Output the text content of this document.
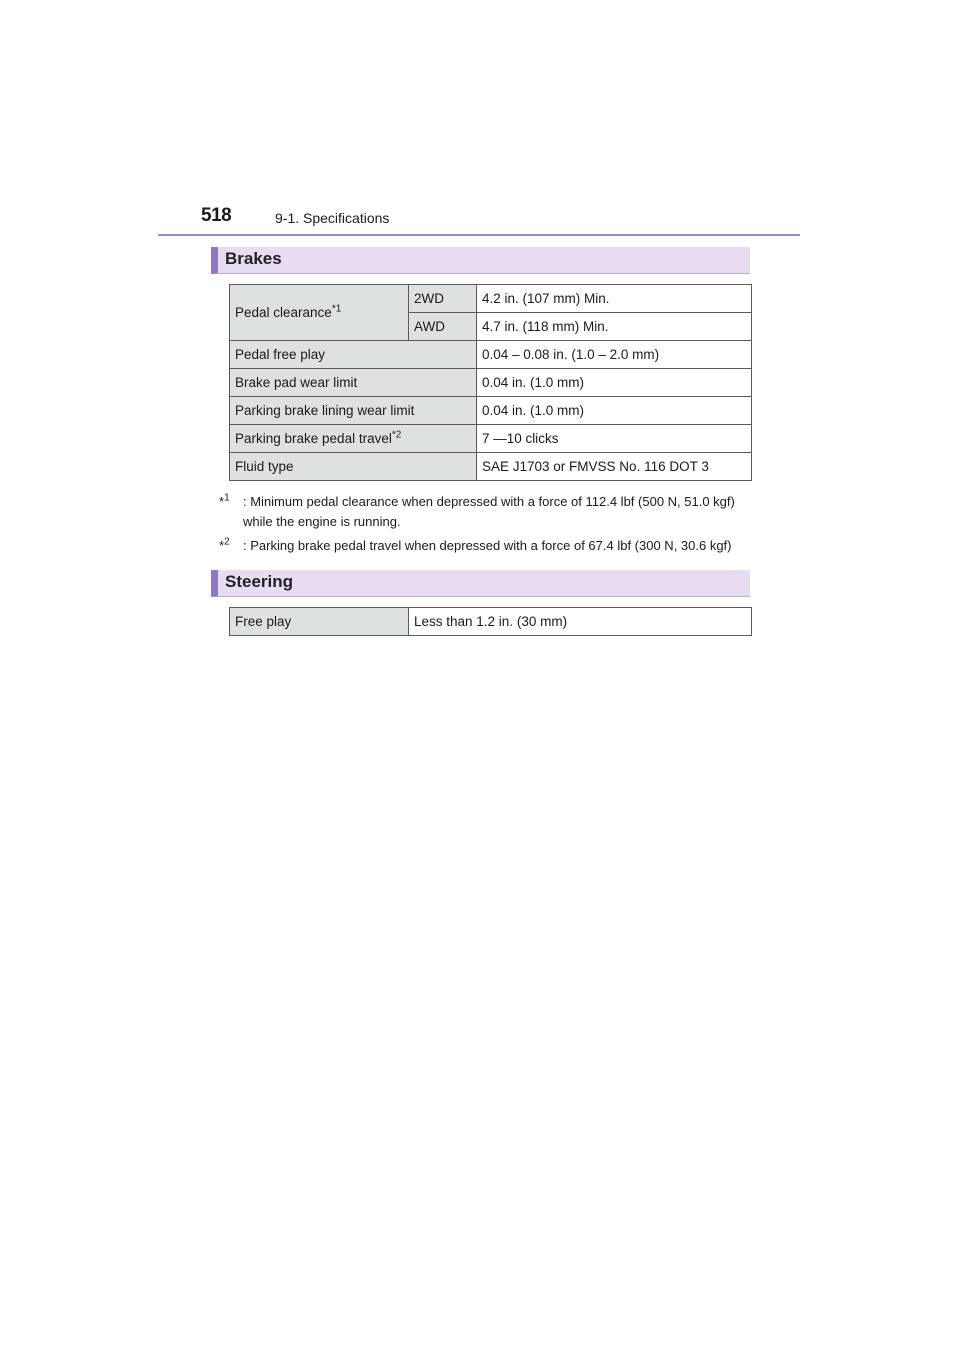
518	9-1. Specifications
Brakes
Pedal clearance$^{*1}$	2WD	4.2 in. (107 mm) Min.
	AWD	4.7 in. (118 mm) Min.
Pedal free play		0.04 – 0.08 in. (1.0 – 2.0 mm)
Brake pad wear limit		0.04 in. (1.0 mm)
Parking brake lining wear limit		0.04 in. (1.0 mm)
Parking brake pedal travel$^{*2}$		7 —10 clicks
Fluid type		SAE J1703 or FMVSS No. 116 DOT 3
*$^1$ : Minimum pedal clearance when depressed with a force of 112.4 lbf (500 N, 51.0 kgf) while the engine is running.
*$^2$ : Parking brake pedal travel when depressed with a force of 67.4 lbf (300 N, 30.6 kgf)
Steering
Free play	Less than 1.2 in. (30 mm)
